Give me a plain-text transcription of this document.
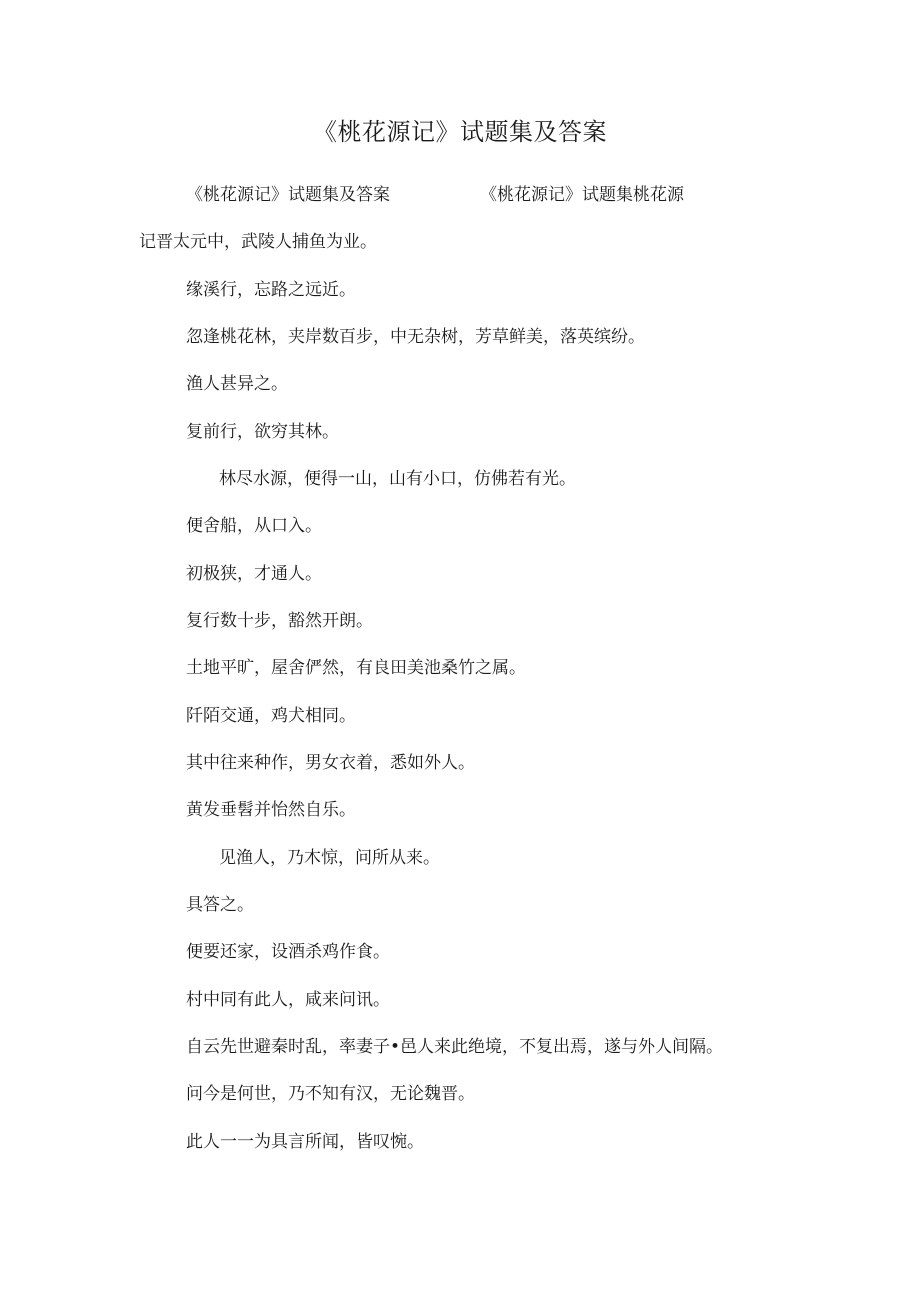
《桃花源记》试题集及答案
《桃花源记》试题集及答案	《桃花源记》试题集桃花源
记晋太元中，武陵人捕鱼为业。
缘溪行，忘路之远近。
忽逢桃花林，夹岸数百步，中无杂树，芳草鲜美，落英缤纷。
渔人甚异之。
复前行，欲穷其林。
林尽水源，便得一山，山有小口，仿佛若有光。
便舍船，从口入。
初极狭，才通人。
复行数十步，豁然开朗。
土地平旷，屋舍俨然，有良田美池桑竹之属。
阡陌交通，鸡犬相同。
其中往来种作，男女衣着，悉如外人。
黄发垂髫并怡然自乐。
见渔人，乃木惊，问所从来。
具答之。
便要还家，设酒杀鸡作食。
村中同有此人，咸来问讯。
自云先世避秦时乱，率妻子•邑人来此绝境，不复出焉，遂与外人间隔。
问今是何世，乃不知有汉，无论魏晋。
此人一一为具言所闻，皆叹惋。
